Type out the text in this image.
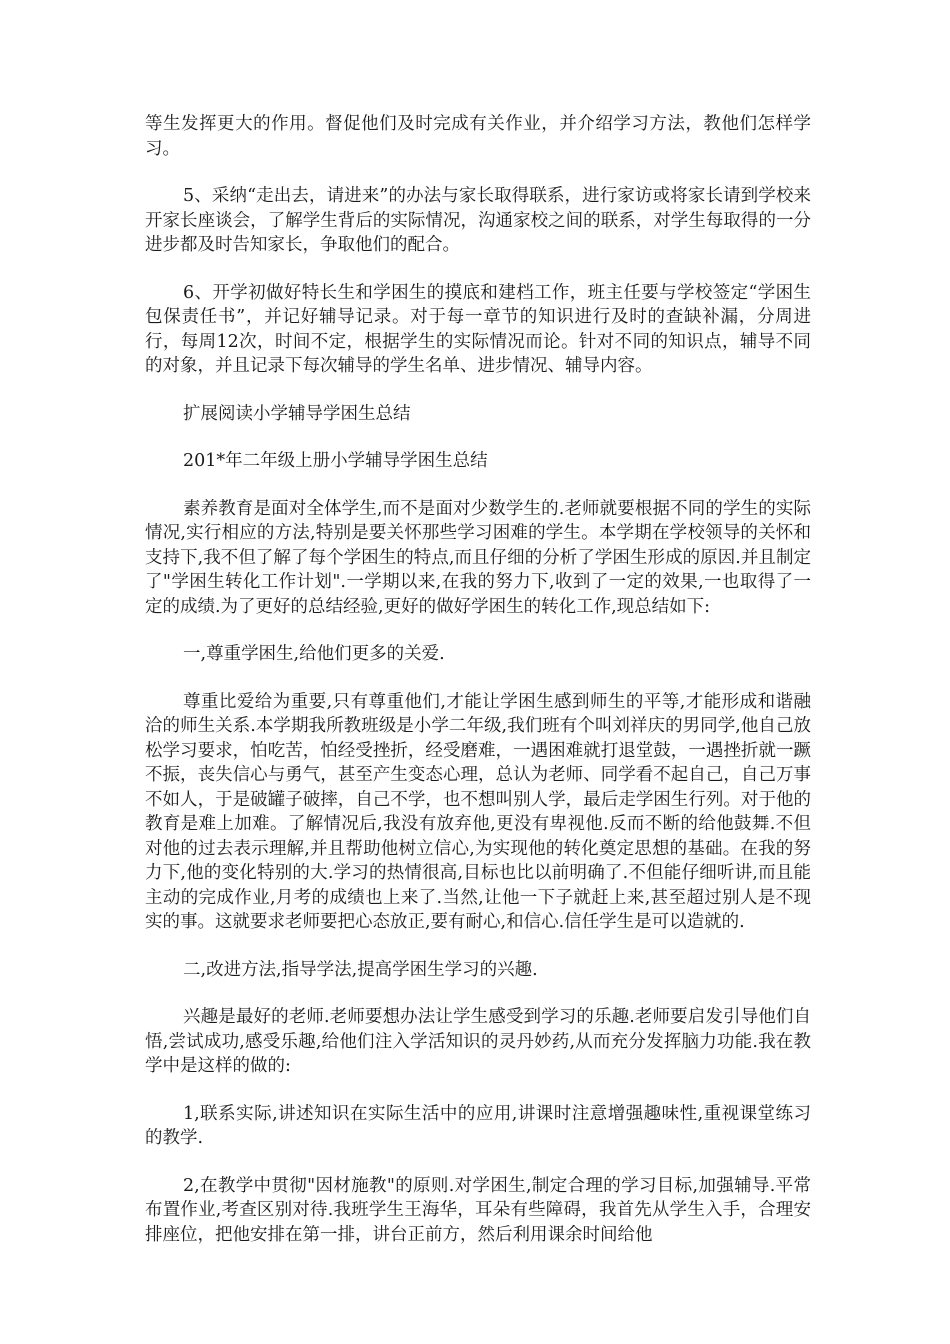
等生发挥更大的作用。督促他们及时完成有关作业，并介绍学习方法，教他们怎样学习。

5、采纳“走出去，请进来”的办法与家长取得联系，进行家访或将家长请到学校来开家长座谈会，了解学生背后的实际情况，沟通家校之间的联系，对学生每取得的一分进步都及时告知家长，争取他们的配合。

6、开学初做好特长生和学困生的摸底和建档工作，班主任要与学校签定“学困生包保责任书”，并记好辅导记录。对于每一章节的知识进行及时的查缺补漏，分周进行，每周12次，时间不定，根据学生的实际情况而论。针对不同的知识点，辅导不同的对象，并且记录下每次辅导的学生名单、进步情况、辅导内容。

扩展阅读小学辅导学困生总结

201*年二年级上册小学辅导学困生总结

素养教育是面对全体学生,而不是面对少数学生的.老师就要根据不同的学生的实际情况,实行相应的方法,特别是要关怀那些学习困难的学生。本学期在学校领导的关怀和支持下,我不但了解了每个学困生的特点,而且仔细的分析了学困生形成的原因.并且制定了"学困生转化工作计划".一学期以来,在我的努力下,收到了一定的效果,一也取得了一定的成绩.为了更好的总结经验,更好的做好学困生的转化工作,现总结如下:

一,尊重学困生,给他们更多的关爱.

尊重比爱给为重要,只有尊重他们,才能让学困生感到师生的平等,才能形成和谐融洽的师生关系.本学期我所教班级是小学二年级,我们班有个叫刘祥庆的男同学,他自己放松学习要求，怕吃苦，怕经受挫折，经受磨难，一遇困难就打退堂鼓，一遇挫折就一蹶不振，丧失信心与勇气，甚至产生变态心理，总认为老师、同学看不起自己，自己万事不如人，于是破罐子破摔，自己不学，也不想叫别人学，最后走学困生行列。对于他的教育是难上加难。了解情况后,我没有放弃他,更没有卑视他.反而不断的给他鼓舞.不但对他的过去表示理解,并且帮助他树立信心,为实现他的转化奠定思想的基础。在我的努力下,他的变化特别的大.学习的热情很高,目标也比以前明确了.不但能仔细听讲,而且能主动的完成作业,月考的成绩也上来了.当然,让他一下子就赶上来,甚至超过别人是不现实的事。这就要求老师要把心态放正,要有耐心,和信心.信任学生是可以造就的.

二,改进方法,指导学法,提高学困生学习的兴趣.

兴趣是最好的老师.老师要想办法让学生感受到学习的乐趣.老师要启发引导他们自悟,尝试成功,感受乐趣,给他们注入学活知识的灵丹妙药,从而充分发挥脑力功能.我在教学中是这样的做的:

1,联系实际,讲述知识在实际生活中的应用,讲课时注意增强趣味性,重视课堂练习的教学.

2,在教学中贯彻"因材施教"的原则.对学困生,制定合理的学习目标,加强辅导.平常布置作业,考查区别对待.我班学生王海华，耳朵有些障碍，我首先从学生入手，合理安排座位，把他安排在第一排，讲台正前方，然后利用课余时间给他
